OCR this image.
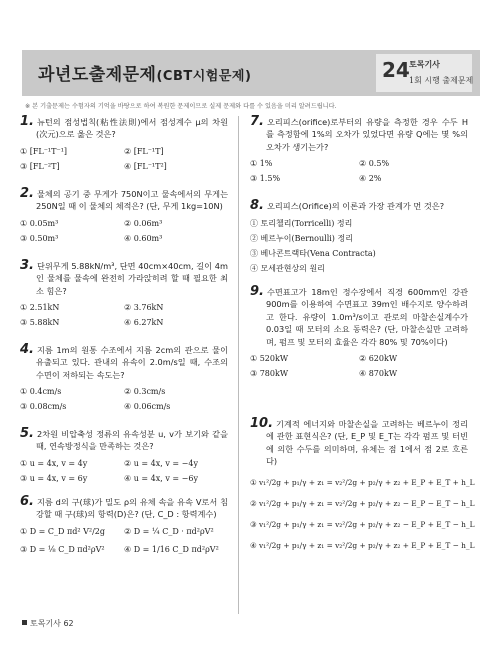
과년도출제문제(CBT시험문제)	24 토목기사
1회 시행 출제문제
※ 본 기출문제는 수험자의 기억을 바탕으로 하여 복원한 문제이므로 실제 문제와 다를 수 있음을 미리 알려드립니다.
1. 뉴턴의 점성법칙(粘性法則)에서 점성계수 μ의 차원(次元)으로 옳은 것은?
① [FL⁻¹T⁻¹]	② [FL⁻¹T]
③ [FL⁻²T]	④ [FL⁻¹T²]
2. 물체의 공기 중 무게가 750N이고 물속에서의 무게는 250N일 때 이 물체의 체적은? (단, 무게 1kg=10N)
① 0.05m³	② 0.06m³
③ 0.50m³	④ 0.60m³
3. 단위무게 5.88kN/m³, 단면 40cm×40cm, 길이 4m인 물체를 물속에 완전히 가라앉히려 할 때 필요한 최소 힘은?
① 2.51kN	② 3.76kN
③ 5.88kN	④ 6.27kN
4. 지름 1m의 원통 수조에서 지름 2cm의 관으로 물이 유출되고 있다. 관내의 유속이 2.0m/s일 때, 수조의 수면이 저하되는 속도는?
① 0.4cm/s	② 0.3cm/s
③ 0.08cm/s	④ 0.06cm/s
5. 2차원 비압축성 정류의 유속성분 u, v가 보기와 같을 때, 연속방정식을 만족하는 것은?
① u = 4x, v = 4y	② u = 4x, v = −4y
③ u = 4x, v = 6y	④ u = 4x, v = −6y
6. 지름 d의 구(球)가 밀도 ρ의 유체 속을 유속 V로서 침강할 때 구(球)의 항력(D)은? (단, C_D : 항력계수)
① D = C_D πd² V²/2g	② D = ¼ C_D · πd²ρV²
③ D = ⅛ C_D πd²ρV²	④ D = 1/16 C_D πd²ρV²
7. 오리피스(orifice)로부터의 유량을 측정한 경우 수두 H를 측정함에 1%의 오차가 있었다면 유량 Q에는 몇 %의 오차가 생기는가?
① 1%	② 0.5%
③ 1.5%	④ 2%
8. 오리피스(Orifice)의 이론과 가장 관계가 먼 것은?
① 토리첼리(Torricelli) 정리
② 베르누이(Bernoulli) 정리
③ 베나콘트랙타(Vena Contracta)
④ 모세관현상의 원리
9. 수면표고가 18m인 정수장에서 직경 600mm인 강관 900m를 이용하여 수면표고 39m인 배수지로 양수하려고 한다. 유량이 1.0m³/s이고 관로의 마찰손실계수가 0.03일 때 모터의 소요 동력은? (단, 마찰손실만 고려하며, 펌프 및 모터의 효율은 각각 80% 및 70%이다)
① 520kW	② 620kW
③ 780kW	④ 870kW
10. 기계적 에너지와 마찰손실을 고려하는 베르누이 정리에 관한 표현식은? (단, E_P 및 E_T는 각각 펌프 및 터빈에 의한 수두를 의미하며, 유체는 점 1에서 점 2로 흐른다)
① v₁²/2g + p₁/γ + z₁ = v₂²/2g + p₂/γ + z₂ + E_P + E_T + h_L
② v₁²/2g + p₁/γ + z₁ = v₂²/2g + p₂/γ + z₂ − E_P − E_T − h_L
③ v₁²/2g + p₁/γ + z₁ = v₂²/2g + p₂/γ + z₂ − E_P + E_T − h_L
④ v₁²/2g + p₁/γ + z₁ = v₂²/2g + p₂/γ + z₂ + E_P + E_T − h_L
토목기사 62
